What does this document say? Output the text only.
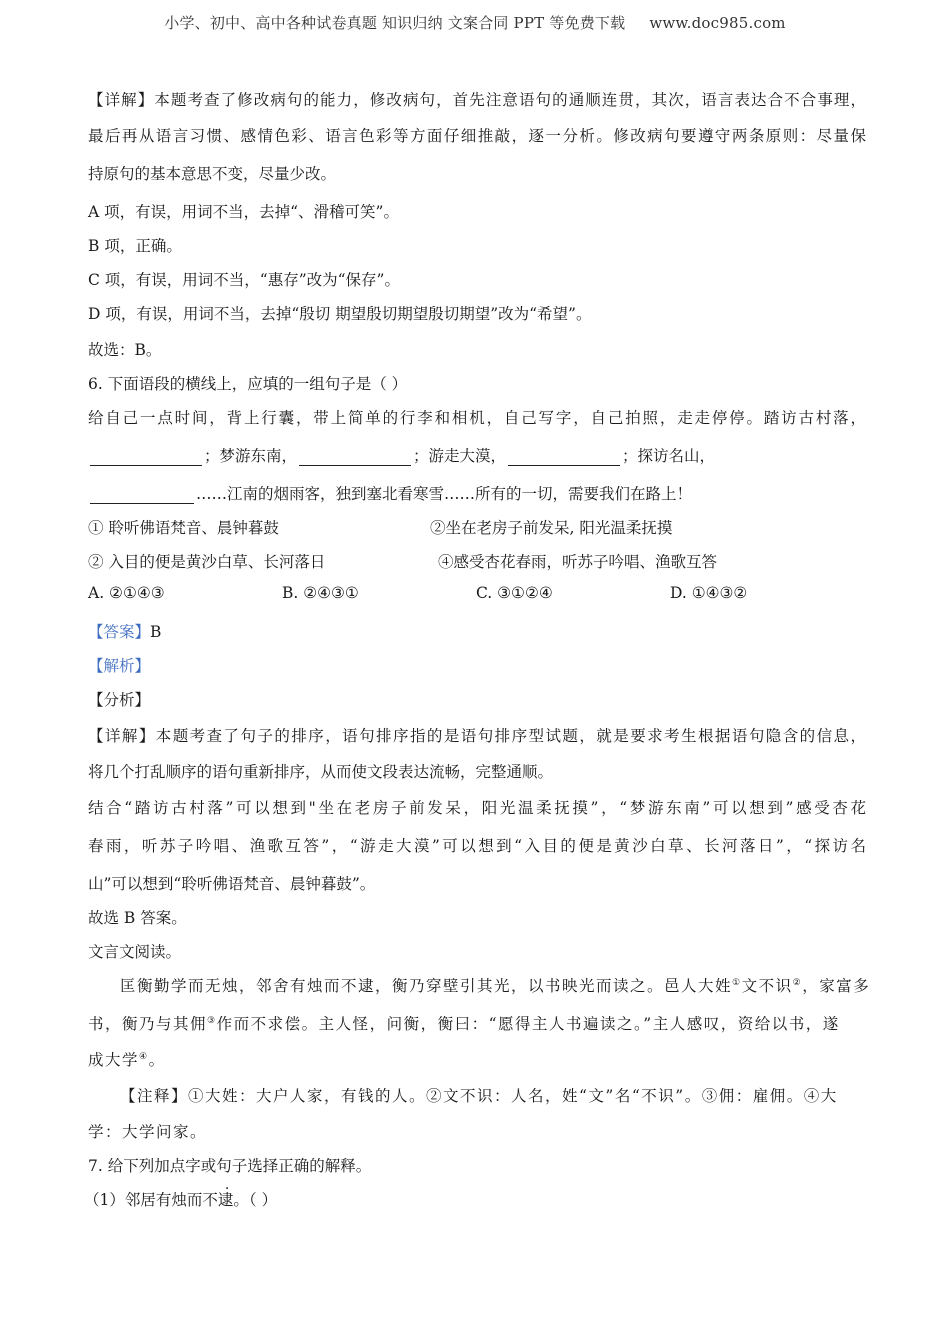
小学、初中、高中各种试卷真题 知识归纳 文案合同 PPT 等免费下载 www.doc985.com
【详解】本题考查了修改病句的能力，修改病句，首先注意语句的通顺连贯，其次，语言表达合不合事理，
最后再从语言习惯、感情色彩、语言色彩等方面仔细推敲，逐一分析。修改病句要遵守两条原则：尽量保
持原句的基本意思不变，尽量少改。
A 项，有误，用词不当，去掉“、滑稽可笑”。
B 项，正确。
C 项，有误，用词不当，“惠存”改为“保存”。
D 项，有误，用词不当，去掉“殷切 期望殷切期望殷切期望”改为“希望”。
故选：B。
6. 下面语段的横线上，应填的一组句子是（ ）
给自己一点时间，背上行囊，带上简单的行李和相机，自己写字，自己拍照，走走停停。踏访古村落，
；梦游东南，	；游走大漠，	；探访名山，
……江南的烟雨客，独到塞北看寒雪……所有的一切，需要我们在路上！
① 聆听佛语梵音、晨钟暮鼓	②坐在老房子前发呆, 阳光温柔抚摸
② 入目的便是黄沙白草、长河落日	④感受杏花春雨，听苏子吟唱、渔歌互答
A. ②①④③	B. ②④③①	C. ③①②④	D. ①④③②
【答案】B
【解析】
【分析】
【详解】本题考查了句子的排序，语句排序指的是语句排序型试题，就是要求考生根据语句隐含的信息，
将几个打乱顺序的语句重新排序，从而使文段表达流畅，完整通顺。
结合“踏访古村落”可以想到"坐在老房子前发呆，阳光温柔抚摸”，“梦游东南”可以想到”感受杏花
春雨，听苏子吟唱、渔歌互答”，“游走大漠”可以想到“入目的便是黄沙白草、长河落日”，“探访名
山”可以想到“聆听佛语梵音、晨钟暮鼓”。
故选 B 答案。
文言文阅读。
匡衡勤学而无烛，邻舍有烛而不逮，衡乃穿壁引其光，以书映光而读之。邑人大姓①文不识②，家富多
书，衡乃与其佣③作而不求偿。主人怪，问衡，衡曰：“愿得主人书遍读之。”主人感叹，资给以书，遂
成大学④。
【注释】①大姓：大户人家，有钱的人。②文不识：人名，姓“文”名“不识”。③佣：雇佣。④大
学：大学问家。
7. 给下列加点字或句子选择正确的解释。
（1）邻居有烛而不逮。（ ）
